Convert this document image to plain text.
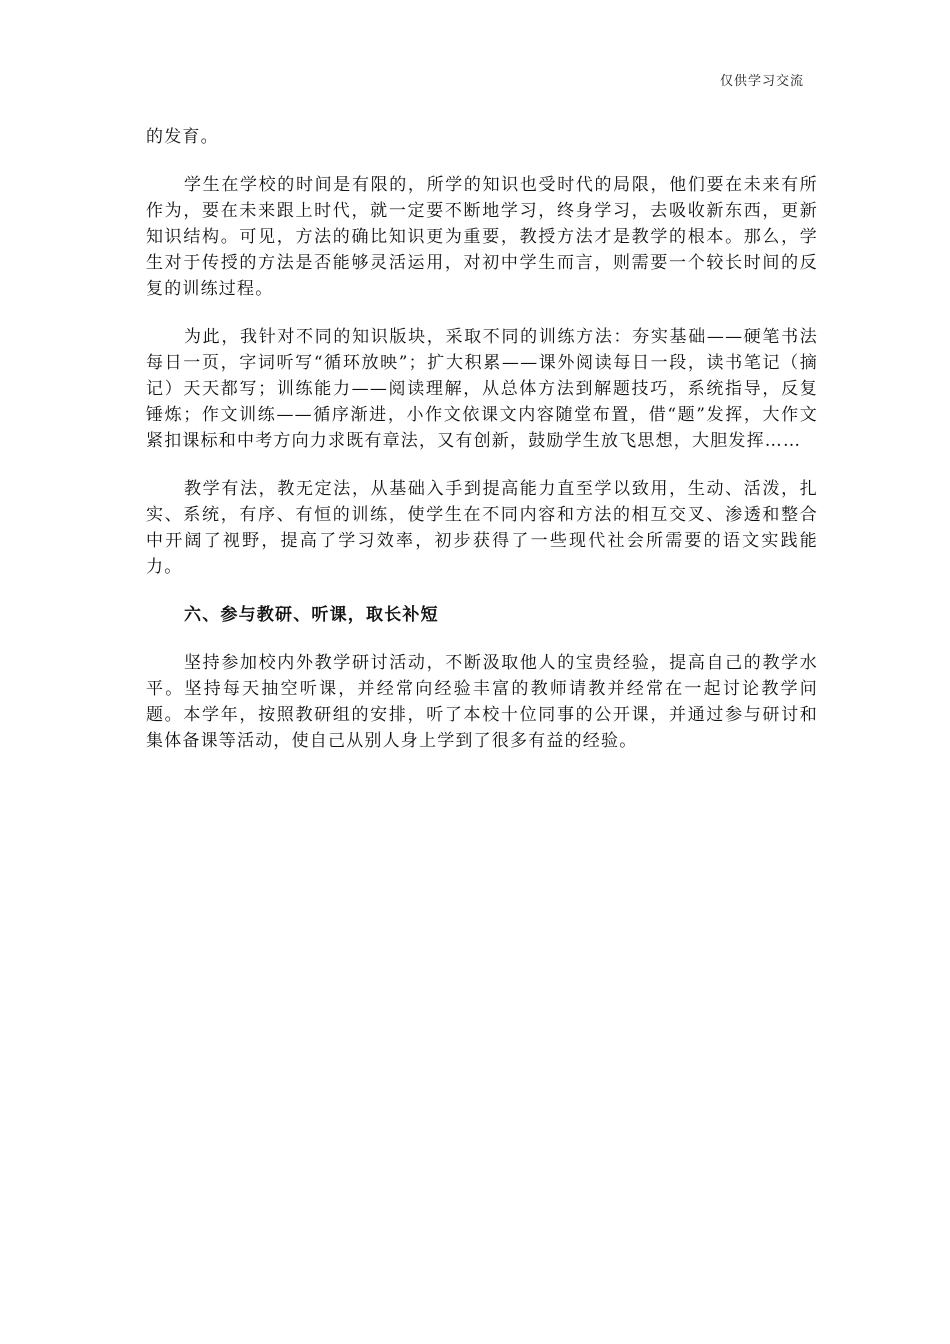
仅供学习交流

的发育。

学生在学校的时间是有限的，所学的知识也受时代的局限，他们要在未来有所作为，要在未来跟上时代，就一定要不断地学习，终身学习，去吸收新东西，更新知识结构。可见，方法的确比知识更为重要，教授方法才是教学的根本。那么，学生对于传授的方法是否能够灵活运用，对初中学生而言，则需要一个较长时间的反复的训练过程。

为此，我针对不同的知识版块，采取不同的训练方法：夯实基础——硬笔书法每日一页，字词听写“循环放映”；扩大积累——课外阅读每日一段，读书笔记（摘记）天天都写；训练能力——阅读理解，从总体方法到解题技巧，系统指导，反复锤炼；作文训练——循序渐进，小作文依课文内容随堂布置，借“题”发挥，大作文紧扣课标和中考方向力求既有章法，又有创新，鼓励学生放飞思想，大胆发挥……

教学有法，教无定法，从基础入手到提高能力直至学以致用，生动、活泼，扎实、系统，有序、有恒的训练，使学生在不同内容和方法的相互交叉、渗透和整合中开阔了视野，提高了学习效率，初步获得了一些现代社会所需要的语文实践能力。

六、参与教研、听课，取长补短

坚持参加校内外教学研讨活动，不断汲取他人的宝贵经验，提高自己的教学水平。坚持每天抽空听课，并经常向经验丰富的教师请教并经常在一起讨论教学问题。本学年，按照教研组的安排，听了本校十位同事的公开课，并通过参与研讨和集体备课等活动，使自己从别人身上学到了很多有益的经验。
